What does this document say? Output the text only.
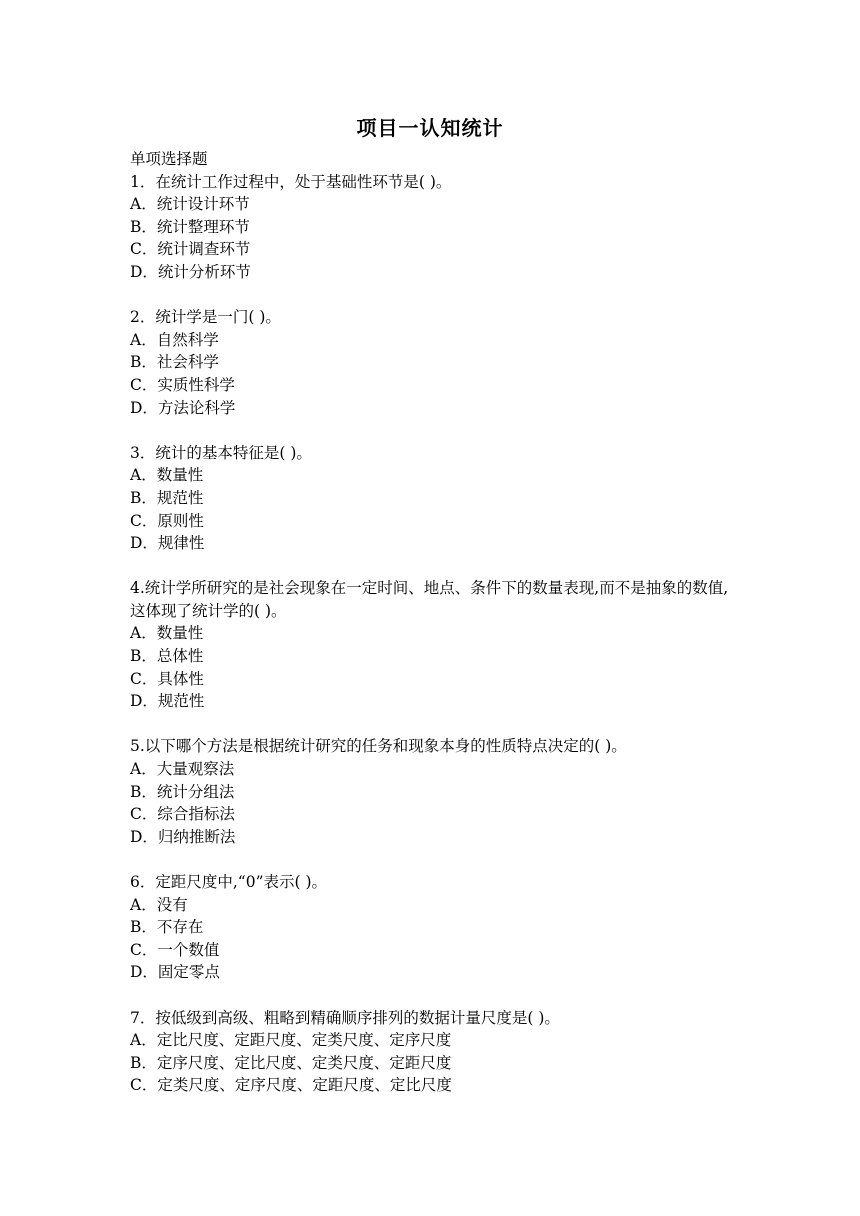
项目一认知统计
单项选择题
1．在统计工作过程中，处于基础性环节是( )。
A．统计设计环节
B．统计整理环节
C．统计调查环节
D．统计分析环节
2．统计学是一门( )。
A．自然科学
B．社会科学
C．实质性科学
D．方法论科学
3．统计的基本特征是( )。
A．数量性
B．规范性
C．原则性
D．规律性
4.统计学所研究的是社会现象在一定时间、地点、条件下的数量表现,而不是抽象的数值,这体现了统计学的( )。
A．数量性
B．总体性
C．具体性
D．规范性
5.以下哪个方法是根据统计研究的任务和现象本身的性质特点决定的( )。
A．大量观察法
B．统计分组法
C．综合指标法
D．归纳推断法
6．定距尺度中,“0”表示( )。
A．没有
B．不存在
C．一个数值
D．固定零点
7．按低级到高级、粗略到精确顺序排列的数据计量尺度是( )。
A．定比尺度、定距尺度、定类尺度、定序尺度
B．定序尺度、定比尺度、定类尺度、定距尺度
C．定类尺度、定序尺度、定距尺度、定比尺度
